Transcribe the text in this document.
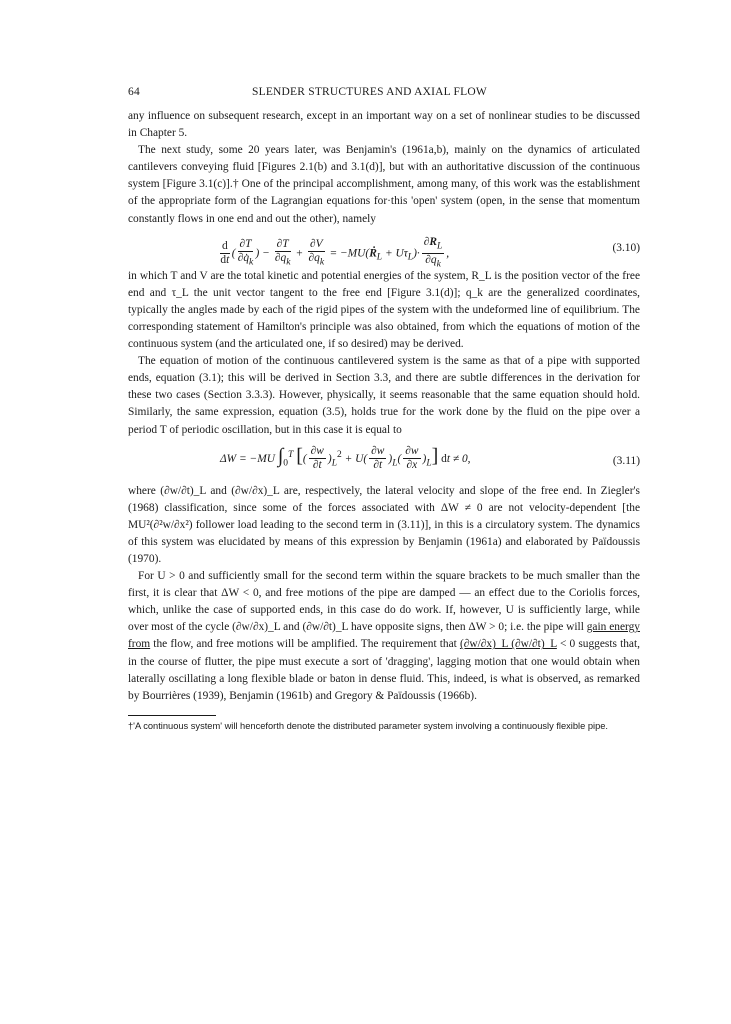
64	SLENDER STRUCTURES AND AXIAL FLOW

any influence on subsequent research, except in an important way on a set of nonlinear studies to be discussed in Chapter 5.

The next study, some 20 years later, was Benjamin's (1961a,b), mainly on the dynamics of articulated cantilevers conveying fluid [Figures 2.1(b) and 3.1(d)], but with an authoritative discussion of the continuous system [Figure 3.1(c)].† One of the principal accomplishment, among many, of this work was the establishment of the appropriate form of the Lagrangian equations for·this 'open' system (open, in the sense that momentum constantly flows in one end and out the other), namely

$\frac{d}{dt}$ ( $\frac{\partial T}{\partial q̇_k}$ ) − $\frac{\partial T}{\partial q_k} + \frac{\partial V}{\partial q_k}$ = −MU(Ṙ$_L$ + $U\tau_L)\cdot \frac{\partial R_L}{\partial q_k}$ ,	(3.10)

in which T and V are the total kinetic and potential energies of the system, R_L is the position vector of the free end and τ_L the unit vector tangent to the free end [Figure 3.1(d)]; q_k are the generalized coordinates, typically the angles made by each of the rigid pipes of the system with the undeformed line of equilibrium. The corresponding statement of Hamilton's principle was also obtained, from which the equations of motion of the continuous system (and the articulated one, if so desired) may be derived.

The equation of motion of the continuous cantilevered system is the same as that of a pipe with supported ends, equation (3.1); this will be derived in Section 3.3, and there are subtle differences in the derivation for these two cases (Section 3.3.3). However, physically, it seems reasonable that the same equation should hold. Similarly, the same expression, equation (3.5), holds true for the work done by the fluid on the pipe over a period T of periodic oscillation, but in this case it is equal to

ΔW = −MU $\int_0^T$ [( $\frac{\partial w}{\partial t} )_L^2 + U( \frac{\partial w}{\partial t} )_L( \frac{\partial w}{\partial x} )_L$] dt ≠ 0,	(3.11)

where (∂w/∂t)_L and (∂w/∂x)_L are, respectively, the lateral velocity and slope of the free end. In Ziegler's (1968) classification, since some of the forces associated with ΔW ≠ 0 are not velocity-dependent [the MU²(∂²w/∂x²) follower load leading to the second term in (3.11)], in this is a circulatory system. The dynamics of this system was elucidated by means of this expression by Benjamin (1961a) and elaborated by Païdoussis (1970).

For U > 0 and sufficiently small for the second term within the square brackets to be much smaller than the first, it is clear that ΔW < 0, and free motions of the pipe are damped — an effect due to the Coriolis forces, which, unlike the case of supported ends, in this case do do work. If, however, U is sufficiently large, while over most of the cycle (∂w/∂x)_L and (∂w/∂t)_L have opposite signs, then ΔW > 0; i.e. the pipe will gain energy from the flow, and free motions will be amplified. The requirement that (∂w/∂x)_L (∂w/∂t)_L < 0 suggests that, in the course of flutter, the pipe must execute a sort of 'dragging', lagging motion that one would obtain when laterally oscillating a long flexible blade or baton in dense fluid. This, indeed, is what is observed, as remarked by Bourrières (1939), Benjamin (1961b) and Gregory & Païdoussis (1966b).

†'A continuous system' will henceforth denote the distributed parameter system involving a continuously flexible pipe.
